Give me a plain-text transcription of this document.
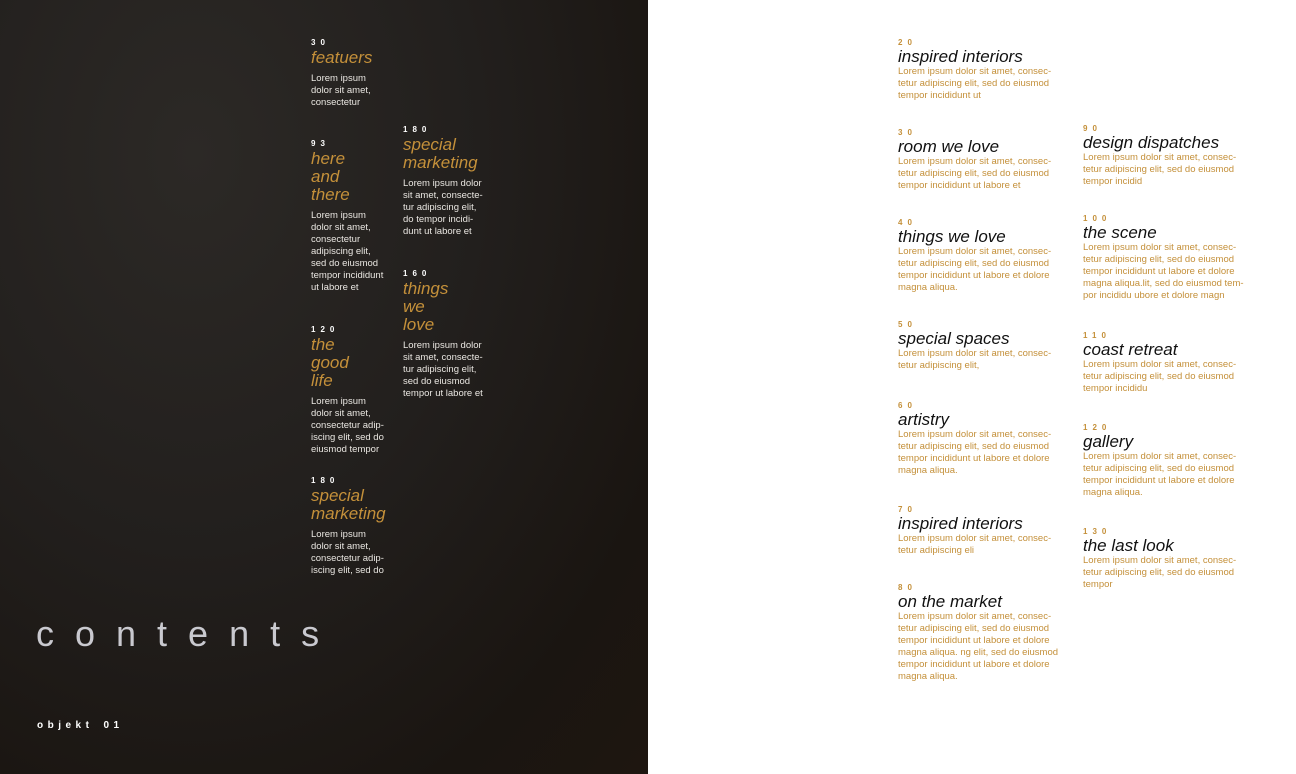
30
featuers
Lorem ipsum
dolor sit amet,
consectetur
93
here
and
there
Lorem ipsum
dolor sit amet,
consectetur
adipiscing elit,
sed do eiusmod
tempor incididunt
ut labore et
120
the
good
life
Lorem ipsum
dolor sit amet,
consectetur adip-
iscing elit, sed do
eiusmod tempor
180
special
marketing
Lorem ipsum
dolor sit amet,
consectetur adip-
iscing elit, sed do
180
special
marketing
Lorem ipsum dolor
sit amet, consecte-
tur adipiscing elit,
do tempor incidi-
dunt ut labore et
160
things
we
love
Lorem ipsum dolor
sit amet, consecte-
tur adipiscing elit,
sed do eiusmod
tempor ut labore et
contents
objekt 01
20
inspired interiors
Lorem ipsum dolor sit amet, consec-
tetur adipiscing elit, sed do eiusmod
tempor incididunt ut
30
room we love
Lorem ipsum dolor sit amet, consec-
tetur adipiscing elit, sed do eiusmod
tempor incididunt ut labore et
40
things we love
Lorem ipsum dolor sit amet, consec-
tetur adipiscing elit, sed do eiusmod
tempor incididunt ut labore et dolore
magna aliqua.
50
special spaces
Lorem ipsum dolor sit amet, consec-
tetur adipiscing elit,
60
artistry
Lorem ipsum dolor sit amet, consec-
tetur adipiscing elit, sed do eiusmod
tempor incididunt ut labore et dolore
magna aliqua.
70
inspired interiors
Lorem ipsum dolor sit amet, consec-
tetur adipiscing eli
80
on the market
Lorem ipsum dolor sit amet, consec-
tetur adipiscing elit, sed do eiusmod
tempor incididunt ut labore et dolore
magna aliqua. ng elit, sed do eiusmod
tempor incididunt ut labore et dolore
magna aliqua.
90
design dispatches
Lorem ipsum dolor sit amet, consec-
tetur adipiscing elit, sed do eiusmod
tempor incidid
100
the scene
Lorem ipsum dolor sit amet, consec-
tetur adipiscing elit, sed do eiusmod
tempor incididunt ut labore et dolore
magna aliqua.lit, sed do eiusmod tem-
por incididu ubore et dolore magn
110
coast retreat
Lorem ipsum dolor sit amet, consec-
tetur adipiscing elit, sed do eiusmod
tempor incididu
120
gallery
Lorem ipsum dolor sit amet, consec-
tetur adipiscing elit, sed do eiusmod
tempor incididunt ut labore et dolore
magna aliqua.
130
the last look
Lorem ipsum dolor sit amet, consec-
tetur adipiscing elit, sed do eiusmod
tempor
